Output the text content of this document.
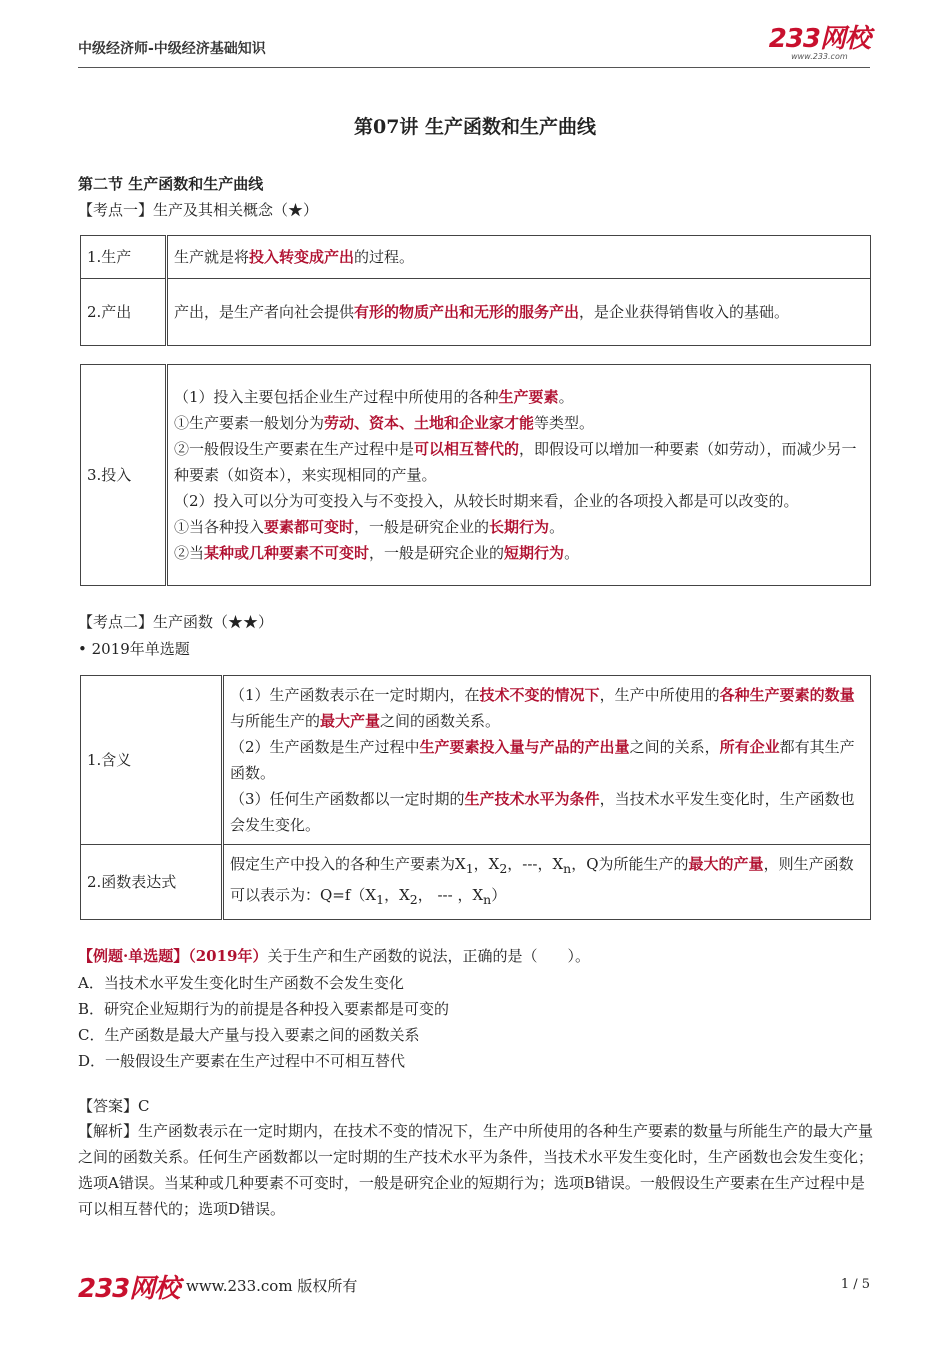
中级经济师-中级经济基础知识	233网校
www.233.com
第07讲 生产函数和生产曲线
第二节 生产函数和生产曲线
【考点一】生产及其相关概念（★）
1.生产	生产就是将投入转变成产出的过程。
2.产出	产出，是生产者向社会提供有形的物质产出和无形的服务产出，是企业获得销售收入的基础。
3.投入	
（1）投入主要包括企业生产过程中所使用的各种生产要素。
①生产要素一般划分为劳动、资本、土地和企业家才能等类型。
②一般假设生产要素在生产过程中是可以相互替代的，即假设可以增加一种要素（如劳动），而减少另一种要素（如资本），来实现相同的产量。
（2）投入可以分为可变投入与不变投入，从较长时期来看，企业的各项投入都是可以改变的。
①当各种投入要素都可变时，一般是研究企业的长期行为。
②当某种或几种要素不可变时，一般是研究企业的短期行为。
【考点二】生产函数（★★）
• 2019年单选题
1.含义	（1）生产函数表示在一定时期内，在技术不变的情况下，生产中所使用的各种生产要素的数量与所能生产的最大产量之间的函数关系。
（2）生产函数是生产过程中生产要素投入量与产品的产出量之间的关系，所有企业都有其生产函数。
（3）任何生产函数都以一定时期的生产技术水平为条件，当技术水平发生变化时，生产函数也会发生变化。

2.函数表达式	假定生产中投入的各种生产要素为$X_1$，$X_2$，---，$X_n$，Q为所能生产的最大的产量，则生产函数可以表示为：$Q=f(X_1$，$X_2$， --- ，$X_n$）
【例题·单选题】（2019年）关于生产和生产函数的说法，正确的是（　　）。
A．当技术水平发生变化时生产函数不会发生变化
B．研究企业短期行为的前提是各种投入要素都是可变的
C．生产函数是最大产量与投入要素之间的函数关系
D．一般假设生产要素在生产过程中不可相互替代
【答案】C
【解析】生产函数表示在一定时期内，在技术不变的情况下，生产中所使用的各种生产要素的数量与所能生产的最大产量之间的函数关系。任何生产函数都以一定时期的生产技术水平为条件，当技术水平发生变化时，生产函数也会发生变化；选项A错误。当某种或几种要素不可变时，一般是研究企业的短期行为；选项B错误。一般假设生产要素在生产过程中是可以相互替代的；选项D错误。
233网校 www.233.com 版权所有	1 / 5
